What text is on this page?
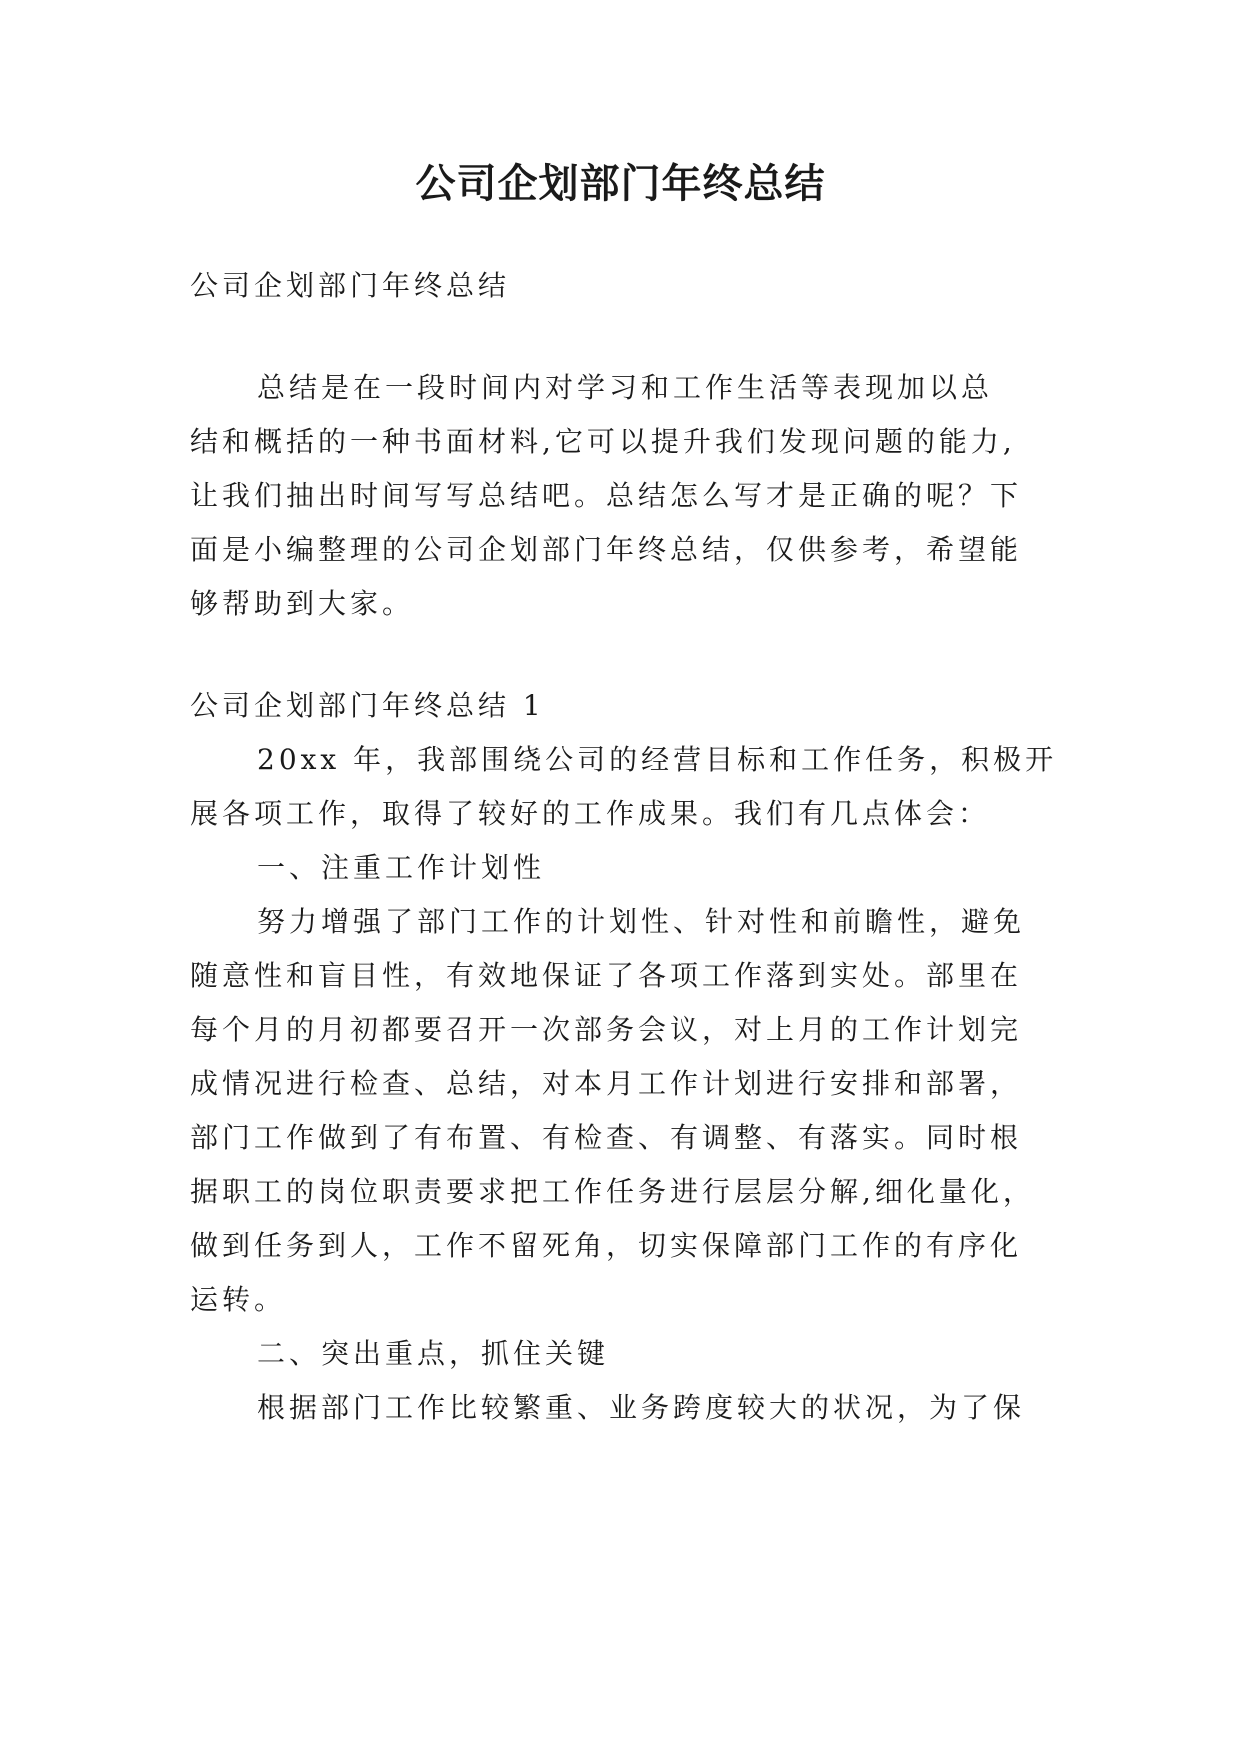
公司企划部门年终总结

公司企划部门年终总结

总结是在一段时间内对学习和工作生活等表现加以总

结和概括的一种书面材料,它可以提升我们发现问题的能力,

让我们抽出时间写写总结吧。总结怎么写才是正确的呢？下

面是小编整理的公司企划部门年终总结，仅供参考，希望能

够帮助到大家。

公司企划部门年终总结 1

20xx 年，我部围绕公司的经营目标和工作任务，积极开

展各项工作，取得了较好的工作成果。我们有几点体会：

一、注重工作计划性

努力增强了部门工作的计划性、针对性和前瞻性，避免

随意性和盲目性，有效地保证了各项工作落到实处。部里在

每个月的月初都要召开一次部务会议，对上月的工作计划完

成情况进行检查、总结，对本月工作计划进行安排和部署，

部门工作做到了有布置、有检查、有调整、有落实。同时根

据职工的岗位职责要求把工作任务进行层层分解,细化量化，

做到任务到人，工作不留死角，切实保障部门工作的有序化

运转。

二、突出重点，抓住关键

根据部门工作比较繁重、业务跨度较大的状况，为了保
